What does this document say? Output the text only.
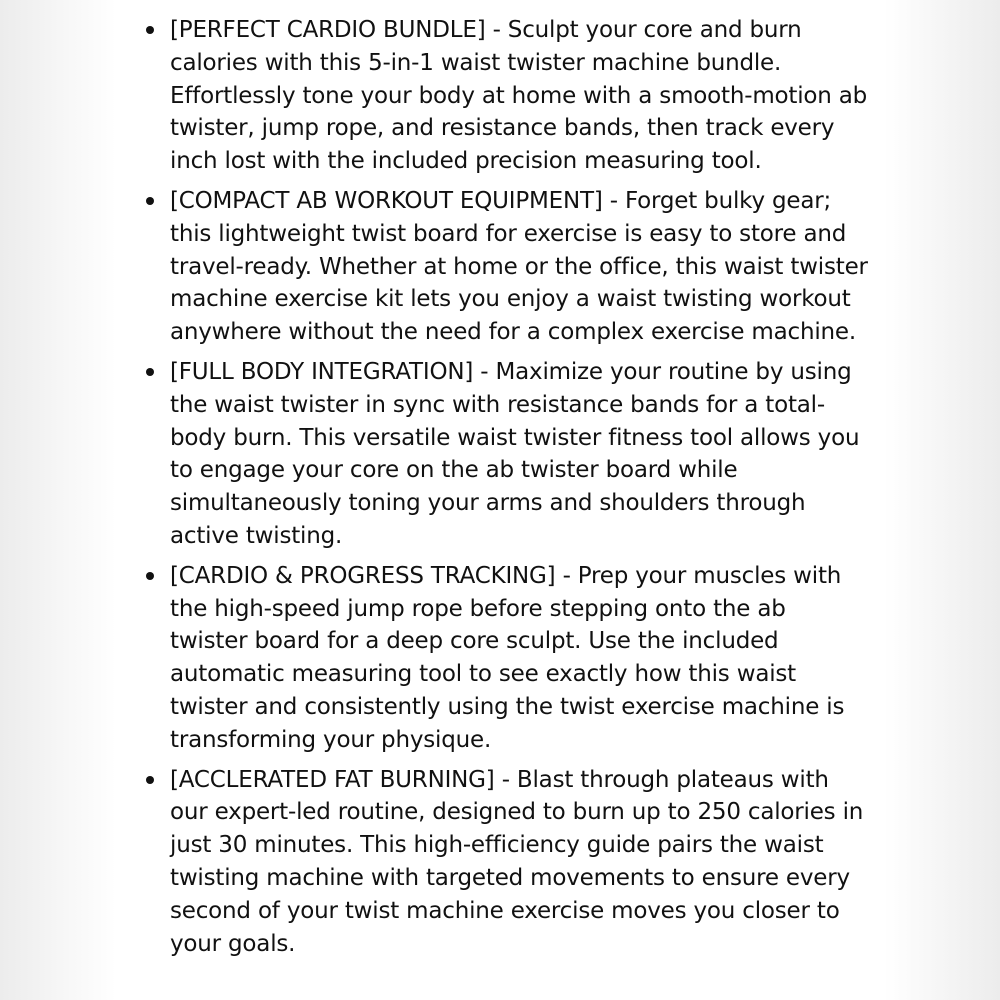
[PERFECT CARDIO BUNDLE] - Sculpt your core and burn calories with this 5-in-1 waist twister machine bundle. Effortlessly tone your body at home with a smooth-motion ab twister, jump rope, and resistance bands, then track every inch lost with the included precision measuring tool.
[COMPACT AB WORKOUT EQUIPMENT] - Forget bulky gear; this lightweight twist board for exercise is easy to store and travel-ready. Whether at home or the office, this waist twister machine exercise kit lets you enjoy a waist twisting workout anywhere without the need for a complex exercise machine.
[FULL BODY INTEGRATION] - Maximize your routine by using the waist twister in sync with resistance bands for a total-body burn. This versatile waist twister fitness tool allows you to engage your core on the ab twister board while simultaneously toning your arms and shoulders through active twisting.
[CARDIO & PROGRESS TRACKING] - Prep your muscles with the high-speed jump rope before stepping onto the ab twister board for a deep core sculpt. Use the included automatic measuring tool to see exactly how this waist twister and consistently using the twist exercise machine is transforming your physique.
[ACCLERATED FAT BURNING] - Blast through plateaus with our expert-led routine, designed to burn up to 250 calories in just 30 minutes. This high-efficiency guide pairs the waist twisting machine with targeted movements to ensure every second of your twist machine exercise moves you closer to your goals.
